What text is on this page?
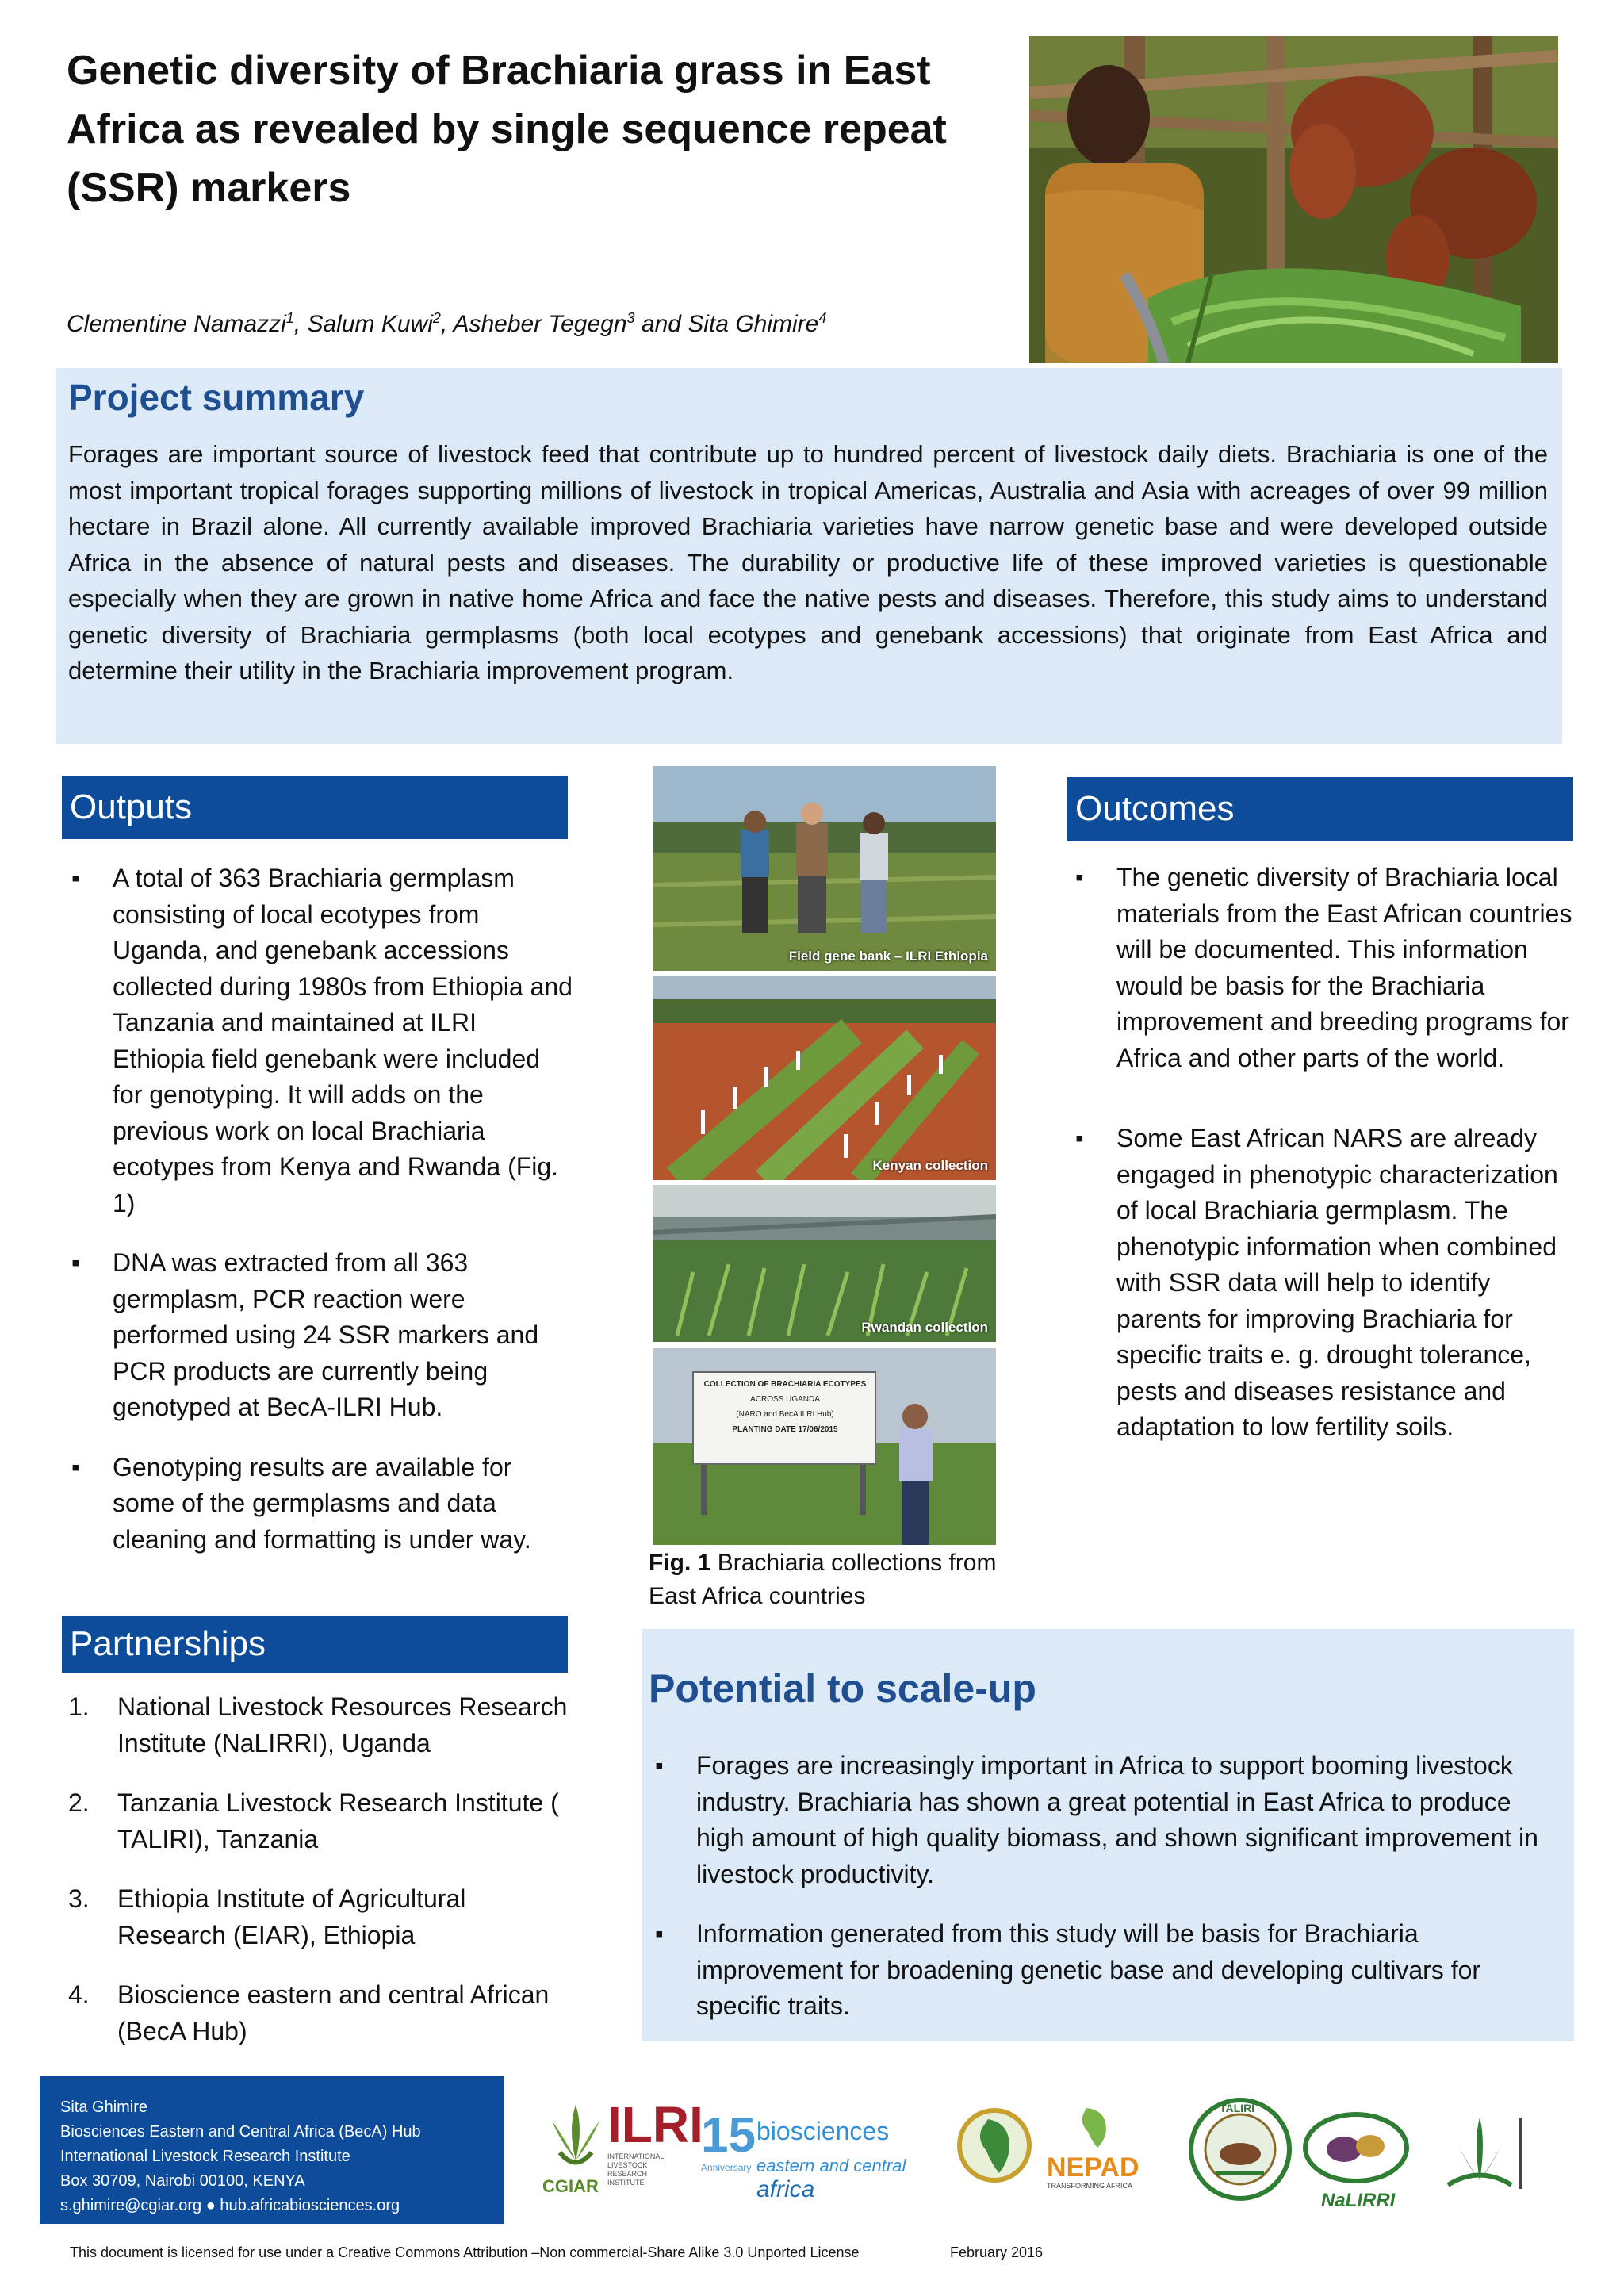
Genetic diversity of Brachiaria grass in East Africa as revealed by single sequence repeat (SSR) markers
Clementine Namazzi$^1$, Salum Kuwi$^2$, Asheber Tegegn$^3$ and Sita Ghimire$^4$
Project summary

Forages are important source of livestock feed that contribute up to hundred percent of livestock daily diets. Brachiaria is one of the most important tropical forages supporting millions of livestock in tropical Americas, Australia and Asia with acreages of over 99 million hectare in Brazil alone. All currently available improved Brachiaria varieties have narrow genetic base and were developed outside Africa in the absence of natural pests and diseases. The durability or productive life of these improved varieties is questionable especially when they are grown in native home Africa and face the native pests and diseases. Therefore, this study aims to understand genetic diversity of Brachiaria germplasms (both local ecotypes and genebank accessions) that originate from East Africa and determine their utility in the Brachiaria improvement program.

Outputs
▪ A total of 363 Brachiaria germplasm consisting of local ecotypes from Uganda, and genebank accessions collected during 1980s from Ethiopia and Tanzania and maintained at ILRI Ethiopia field genebank were included for genotyping. It will adds on the previous work on local Brachiaria ecotypes from Kenya and Rwanda (Fig. 1)
▪ DNA was extracted from all 363 germplasm, PCR reaction were performed using 24 SSR markers and PCR products are currently being genotyped at BecA-ILRI Hub.
▪ Genotyping results are available for some of the germplasms and data cleaning and formatting is under way.
Partnerships
1. National Livestock Resources Research Institute (NaLIRRI), Uganda
2. Tanzania Livestock Research Institute ( TALIRI), Tanzania
3. Ethiopia Institute of Agricultural Research (EIAR), Ethiopia
4. Bioscience eastern and central African (BecA Hub)
Field gene bank – ILRI Ethiopia
Kenyan collection
Rwandan collection
COLLECTION OF BRACHIARIA ECOTYPES
ACROSS UGANDA
(NARO and BecA ILRI Hub)
PLANTING DATE 17/06/2015
Fig. 1 Brachiaria collections from East Africa countries
Outcomes
▪ The genetic diversity of Brachiaria local materials from the East African countries will be documented. This information would be basis for the Brachiaria improvement and breeding programs for Africa and other parts of the world.
▪ Some East African NARS are already engaged in phenotypic characterization of local Brachiaria germplasm. The phenotypic information when combined with SSR data will help to identify parents for improving Brachiaria for specific traits e. g. drought tolerance, pests and diseases resistance and adaptation to low fertility soils.
Potential to scale-up
▪ Forages are increasingly important in Africa to support booming livestock industry. Brachiaria has shown a great potential in East Africa to produce high amount of high quality biomass, and shown significant improvement in livestock productivity.
▪ Information generated from this study will be basis for Brachiaria improvement for broadening genetic base and developing cultivars for specific traits.
Sita Ghimire
Biosciences Eastern and Central Africa (BecA) Hub
International Livestock Research Institute
Box 30709, Nairobi 00100, KENYA
s.ghimire@cgiar.org ● hub.africabiosciences.org
CGIAR
ILRI
INTERNATIONAL
LIVESTOCK RESEARCH
INSTITUTE
15
Anniversary
biosciences
eastern and central africa
NEPAD
TRANSFORMING AFRICA
TALIRI
NaLIRRI
This document is licensed for use under a Creative Commons Attribution –Non commercial-Share Alike 3.0 Unported License	February 2016
